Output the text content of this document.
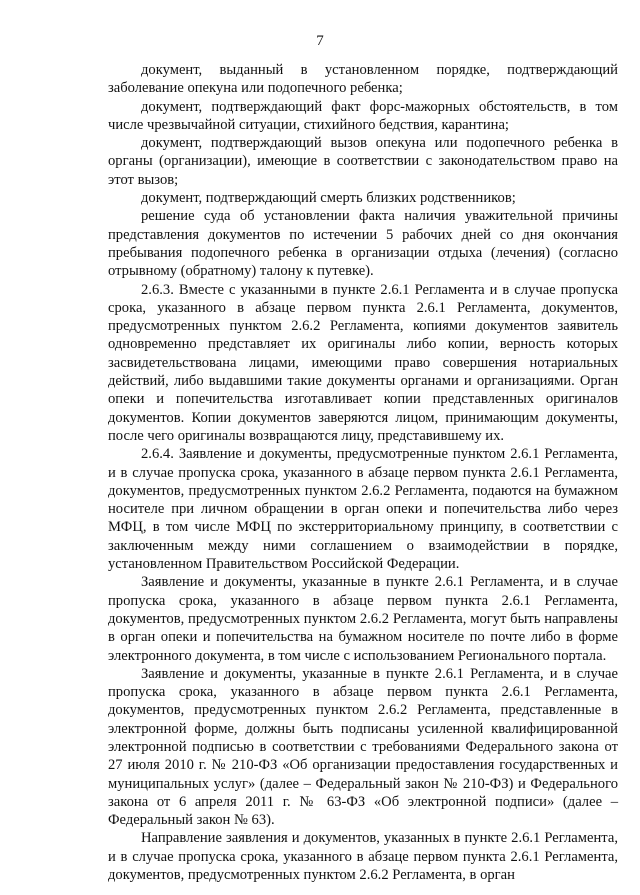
7

документ, выданный в установленном порядке, подтверждающий заболевание опекуна или подопечного ребенка;

документ, подтверждающий факт форс-мажорных обстоятельств, в том числе чрезвычайной ситуации, стихийного бедствия, карантина;

документ, подтверждающий вызов опекуна или подопечного ребенка в органы (организации), имеющие в соответствии с законодательством право на этот вызов;

документ, подтверждающий смерть близких родственников;

решение суда об установлении факта наличия уважительной причины представления документов по истечении 5 рабочих дней со дня окончания пребывания подопечного ребенка в организации отдыха (лечения) (согласно отрывному (обратному) талону к путевке).

2.6.3. Вместе с указанными в пункте 2.6.1 Регламента и в случае пропуска срока, указанного в абзаце первом пункта 2.6.1 Регламента, документов, предусмотренных пунктом 2.6.2 Регламента, копиями документов заявитель одновременно представляет их оригиналы либо копии, верность которых засвидетельствована лицами, имеющими право совершения нотариальных действий, либо выдавшими такие документы органами и организациями. Орган опеки и попечительства изготавливает копии представленных оригиналов документов. Копии документов заверяются лицом, принимающим документы, после чего оригиналы возвращаются лицу, представившему их.

2.6.4. Заявление и документы, предусмотренные пунктом 2.6.1 Регламента, и в случае пропуска срока, указанного в абзаце первом пункта 2.6.1 Регламента, документов, предусмотренных пунктом 2.6.2 Регламента, подаются на бумажном носителе при личном обращении в орган опеки и попечительства либо через МФЦ, в том числе МФЦ по экстерриториальному принципу, в соответствии с заключенным между ними соглашением о взаимодействии в порядке, установленном Правительством Российской Федерации.

Заявление и документы, указанные в пункте 2.6.1 Регламента, и в случае пропуска срока, указанного в абзаце первом пункта 2.6.1 Регламента, документов, предусмотренных пунктом 2.6.2 Регламента, могут быть направлены в орган опеки и попечительства на бумажном носителе по почте либо в форме электронного документа, в том числе с использованием Регионального портала.

Заявление и документы, указанные в пункте 2.6.1 Регламента, и в случае пропуска срока, указанного в абзаце первом пункта 2.6.1 Регламента, документов, предусмотренных пунктом 2.6.2 Регламента, представленные в электронной форме, должны быть подписаны усиленной квалифицированной электронной подписью в соответствии с требованиями Федерального закона от 27 июля 2010 г. № 210-ФЗ «Об организации предоставления государственных и муниципальных услуг» (далее – Федеральный закон № 210-ФЗ) и Федерального закона от 6 апреля 2011 г. № 63-ФЗ «Об электронной подписи» (далее – Федеральный закон № 63).

Направление заявления и документов, указанных в пункте 2.6.1 Регламента, и в случае пропуска срока, указанного в абзаце первом пункта 2.6.1 Регламента, документов, предусмотренных пунктом 2.6.2 Регламента, в орган
